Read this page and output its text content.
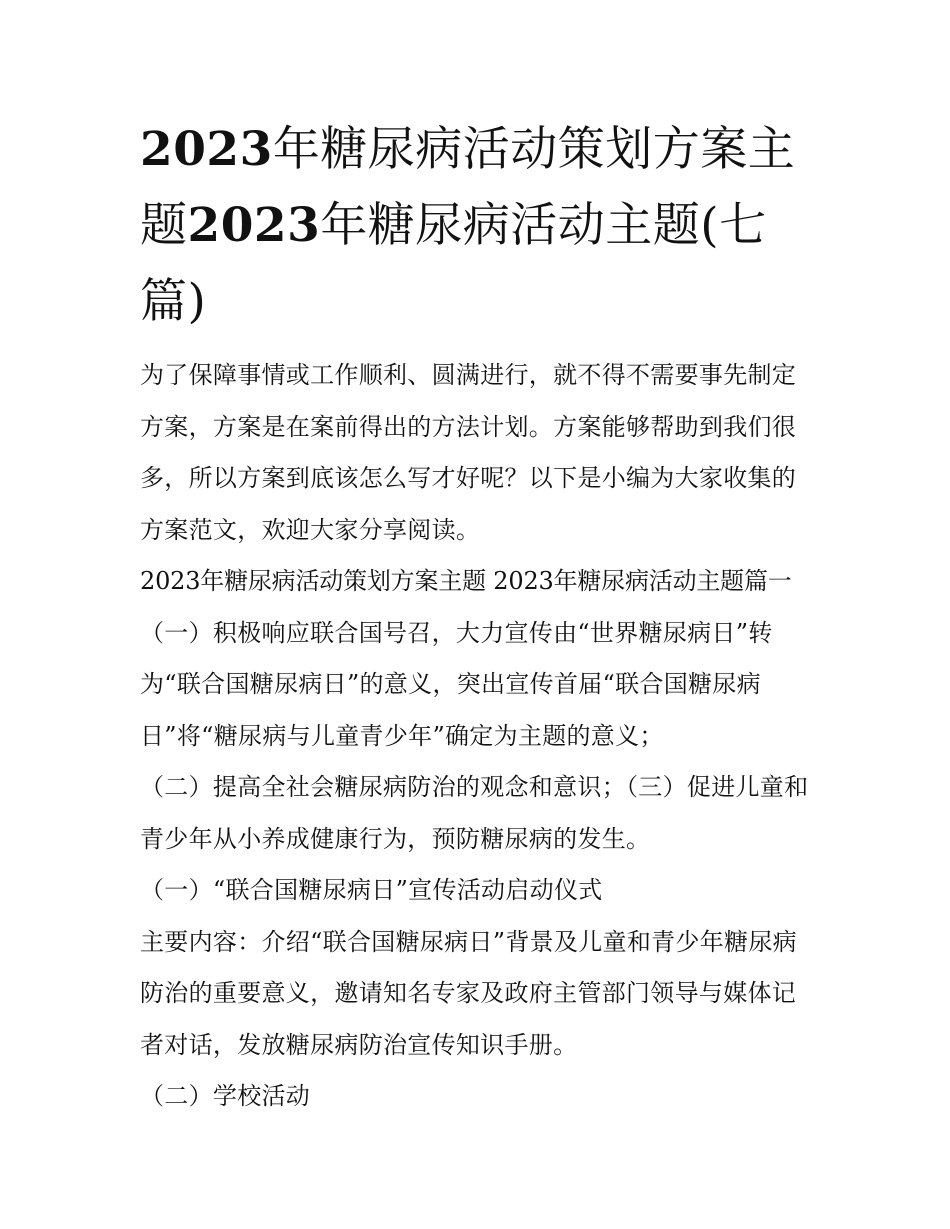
2023年糖尿病活动策划方案主题2023年糖尿病活动主题(七篇)

为了保障事情或工作顺利、圆满进行，就不得不需要事先制定方案，方案是在案前得出的方法计划。方案能够帮助到我们很多，所以方案到底该怎么写才好呢？以下是小编为大家收集的方案范文，欢迎大家分享阅读。

2023年糖尿病活动策划方案主题 2023年糖尿病活动主题篇一

（一）积极响应联合国号召，大力宣传由“世界糖尿病日”转为“联合国糖尿病日”的意义，突出宣传首届“联合国糖尿病日”将“糖尿病与儿童青少年”确定为主题的意义；

（二）提高全社会糖尿病防治的观念和意识；（三）促进儿童和青少年从小养成健康行为，预防糖尿病的发生。

（一）“联合国糖尿病日”宣传活动启动仪式

主要内容：介绍“联合国糖尿病日”背景及儿童和青少年糖尿病防治的重要意义，邀请知名专家及政府主管部门领导与媒体记者对话，发放糖尿病防治宣传知识手册。

（二）学校活动
